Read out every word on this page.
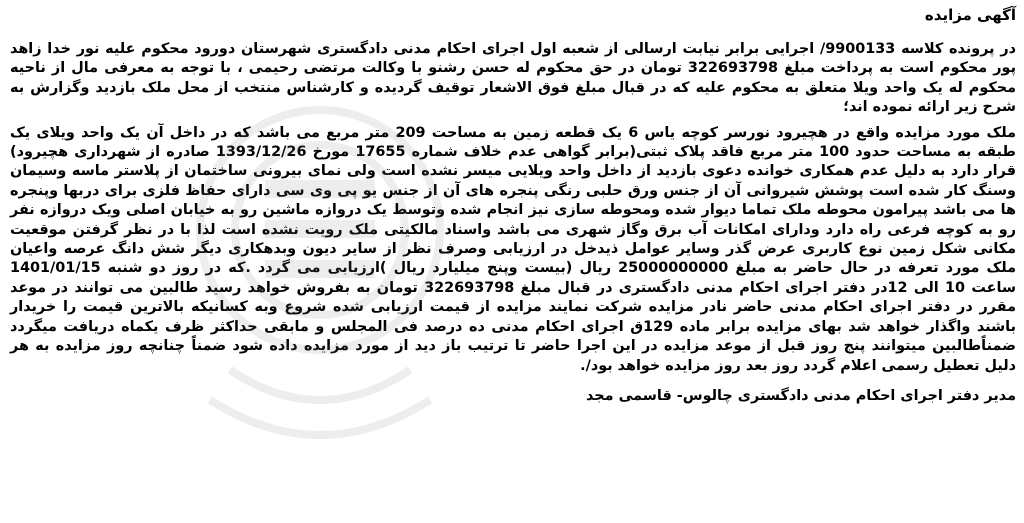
آگهی مزایده

در پرونده کلاسه 9900133/ اجرایی برابر نیابت ارسالی از شعبه اول اجرای احکام مدنی دادگستری شهرستان دورود محکوم علیه نور خدا زاهد پور محکوم است به پرداخت مبلغ 322693798 تومان در حق محکوم له حسن رشنو با وکالت مرتضی رحیمی ، با توجه به معرفی مال از ناحیه محکوم له یک واحد ویلا متعلق به محکوم علیه که در قبال مبلغ فوق الاشعار توقیف گردیده و کارشناس منتخب از محل ملک بازدید وگزارش به شرح زیر ارائه نموده اند؛

ملک مورد مزایده واقع در هچیرود نورسر کوچه یاس 6 یک قطعه زمین به مساحت 209 متر مربع می باشد که در داخل آن یک واحد ویلای یک طبقه به مساحت حدود 100 متر مربع فاقد پلاک ثبتی(برابر گواهی عدم خلاف شماره 17655 مورخ 1393/12/26 صادره از شهرداری هچیرود) قرار دارد به دلیل عدم همکاری خوانده دعوی بازدید از داخل واحد ویلایی میسر نشده است ولی نمای بیرونی ساختمان از پلاستر ماسه وسیمان وسنگ کار شده است پوشش شیروانی آن از جنس ورق حلبی رنگی پنجره های آن از جنس یو پی وی سی دارای حفاظ فلزی برای دربها وپنجره ها می باشد پیرامون محوطه ملک تماما دیوار شده ومحوطه سازی نیز انجام شده وتوسط یک دروازه ماشین رو به خیابان اصلی ویک دروازه نفر رو به کوچه فرعی راه دارد ودارای امکانات آب برق وگاز شهری می باشد واسناد مالکیتی ملک رویت نشده است لذا با در نظر گرفتن موقعیت مکانی شکل زمین نوع کاربری عرض گذر وسایر عوامل ذیدخل در ارزیابی وصرف نظر از سایر دیون وبدهکاری دیگر شش دانگ عرصه واعیان ملک مورد تعرفه در حال حاضر به مبلغ 25000000000 ریال (بیست وپنج میلیارد ریال )ارزیابی می گردد .که در روز دو شنبه 1401/01/15 ساعت 10 الی 12در دفتر اجرای احکام مدنی دادگستری در قبال مبلغ 322693798 تومان به بفروش خواهد رسید طالبین می توانند در موعد مقرر در دفتر اجرای احکام مدنی حاضر نادر مزایده شرکت نمایند مزایده از قیمت ارزیابی شده شروع وبه کسانیکه بالاترین قیمت را خریدار باشند واگذار خواهد شد بهای مزایده برابر ماده 129ق اجرای احکام مدنی ده درصد فی المجلس و مابقی حداکثر ظرف یکماه دریافت میگردد ضمناًطالبین میتوانند پنج روز قبل از موعد مزایده در این اجرا حاضر تا ترتیب باز دید از مورد مزایده داده شود ضمناً چنانچه روز مزایده به هر دلیل تعطیل رسمی اعلام گردد روز بعد روز مزایده خواهد بود/.

مدیر دفتر اجرای احکام مدنی دادگستری چالوس- قاسمی مجد
